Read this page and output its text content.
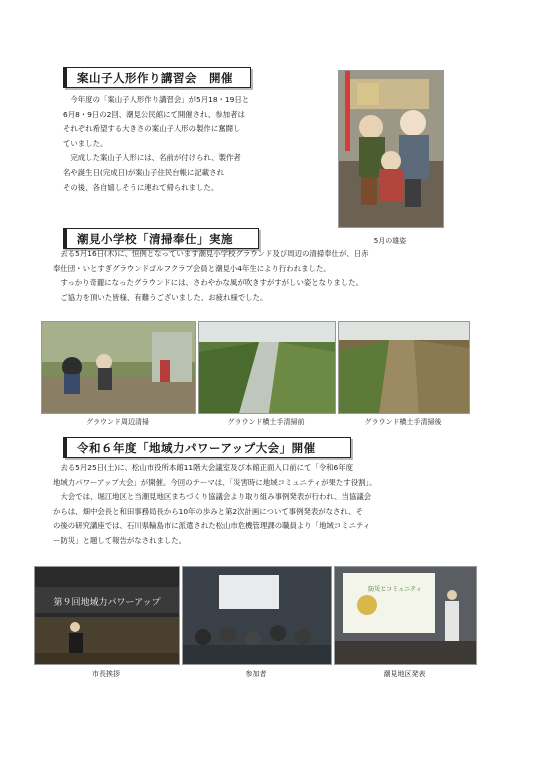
案山子人形作り講習会　開催

　今年度の「案山子人形作り講習会」が5月18・19日と
6月8・9日の2回、潮見公民館にて開催され、参加者は
それぞれ希望する大きさの案山子人形の製作に奮闘し
ていました。
　完成した案山子人形には、名前が付けられ、製作者
名や誕生日(完成日)が案山子住民台帳に記載され
その後、各自嬉しそうに連れて帰られました。

5月の雄姿
潮見小学校「清掃奉仕」実施

　去る5月16日(木)に、恒例となっています潮見小学校グラウンド及び周辺の清掃奉仕が、日赤
奉仕団・いとすぎグラウンドゴルフクラブ会員と潮見小4年生により行われました。
　すっかり奇麗になったグラウンドには、さわやかな風が吹きすがすがしい姿となりました。
　ご協力を頂いた皆様、有難うございました、お疲れ様でした。

グラウンド周辺清掃	グラウンド横土手清掃前	グラウンド横土手清掃後
令和６年度「地域力パワーアップ大会」開催

　去る5月25日(土)に、松山市役所本館11階大会議室及び本館正面入口前にて「令和6年度
地域力パワーアップ大会」が開催。今回のテーマは、「災害時に地域コミュニティが果たす役割」。
　大会では、堀江地区と当潮見地区まちづくり協議会より取り組み事例発表が行われ、当協議会
からは、畑中会長と和田事務局長から10年の歩みと第2次計画について事例発表がなされ、そ
の後の研究講座では、石川県輪島市に派遣された松山市危機管理課の職員より「地域コミニティ
ー防災」と題して報告がなされました。

第９回地域力パワーアップ
防災とコミュニティ
市長挨拶	参加者	潮見地区発表
